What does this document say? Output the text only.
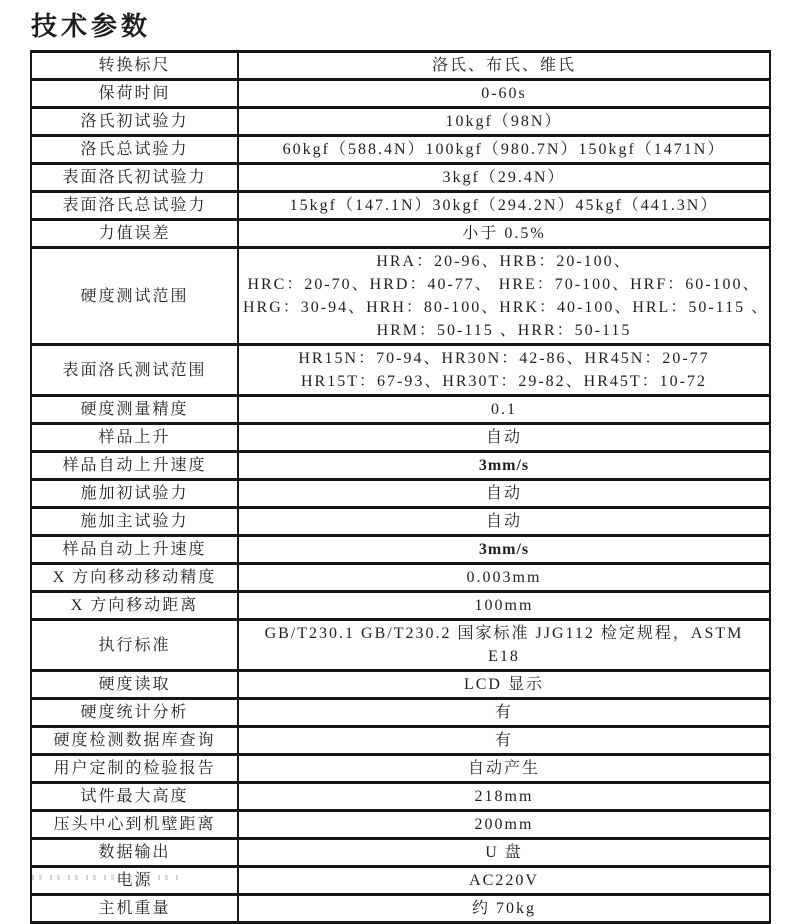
技术参数
转换标尺	洛氏、布氏、维氏

保荷时间	0-60s

洛氏初试验力	10kgf（98N）

洛氏总试验力	60kgf（588.4N）100kgf（980.7N）150kgf（1471N）

表面洛氏初试验力	3kgf（29.4N）

表面洛氏总试验力	15kgf（147.1N）30kgf（294.2N）45kgf（441.3N）

力值误差	小于 0.5%

硬度测试范围	HRA：20-96、HRB：20-100、
HRC：20-70、HRD：40-77、 HRE：70-100、HRF：60-100、
HRG：30-94、HRH：80-100、HRK：40-100、HRL：50-115 、
HRM：50-115 、HRR：50-115

表面洛氏测试范围	HR15N：70-94、HR30N：42-86、HR45N：20-77
HR15T：67-93、HR30T：29-82、HR45T：10-72

硬度测量精度	0.1

样品上升	自动

样品自动上升速度	3mm/s

施加初试验力	自动

施加主试验力	自动

样品自动上升速度	3mm/s

X 方向移动移动精度	0.003mm

X 方向移动距离	100mm

执行标准	GB/T230.1 GB/T230.2 国家标准 JJG112 检定规程，ASTM
E18

硬度读取	LCD 显示

硬度统计分析	有

硬度检测数据库查询	有

用户定制的检验报告	自动产生

试件最大高度	218mm

压头中心到机壁距离	200mm

数据输出	U 盘

电源	AC220V

主机重量	约 70kg
